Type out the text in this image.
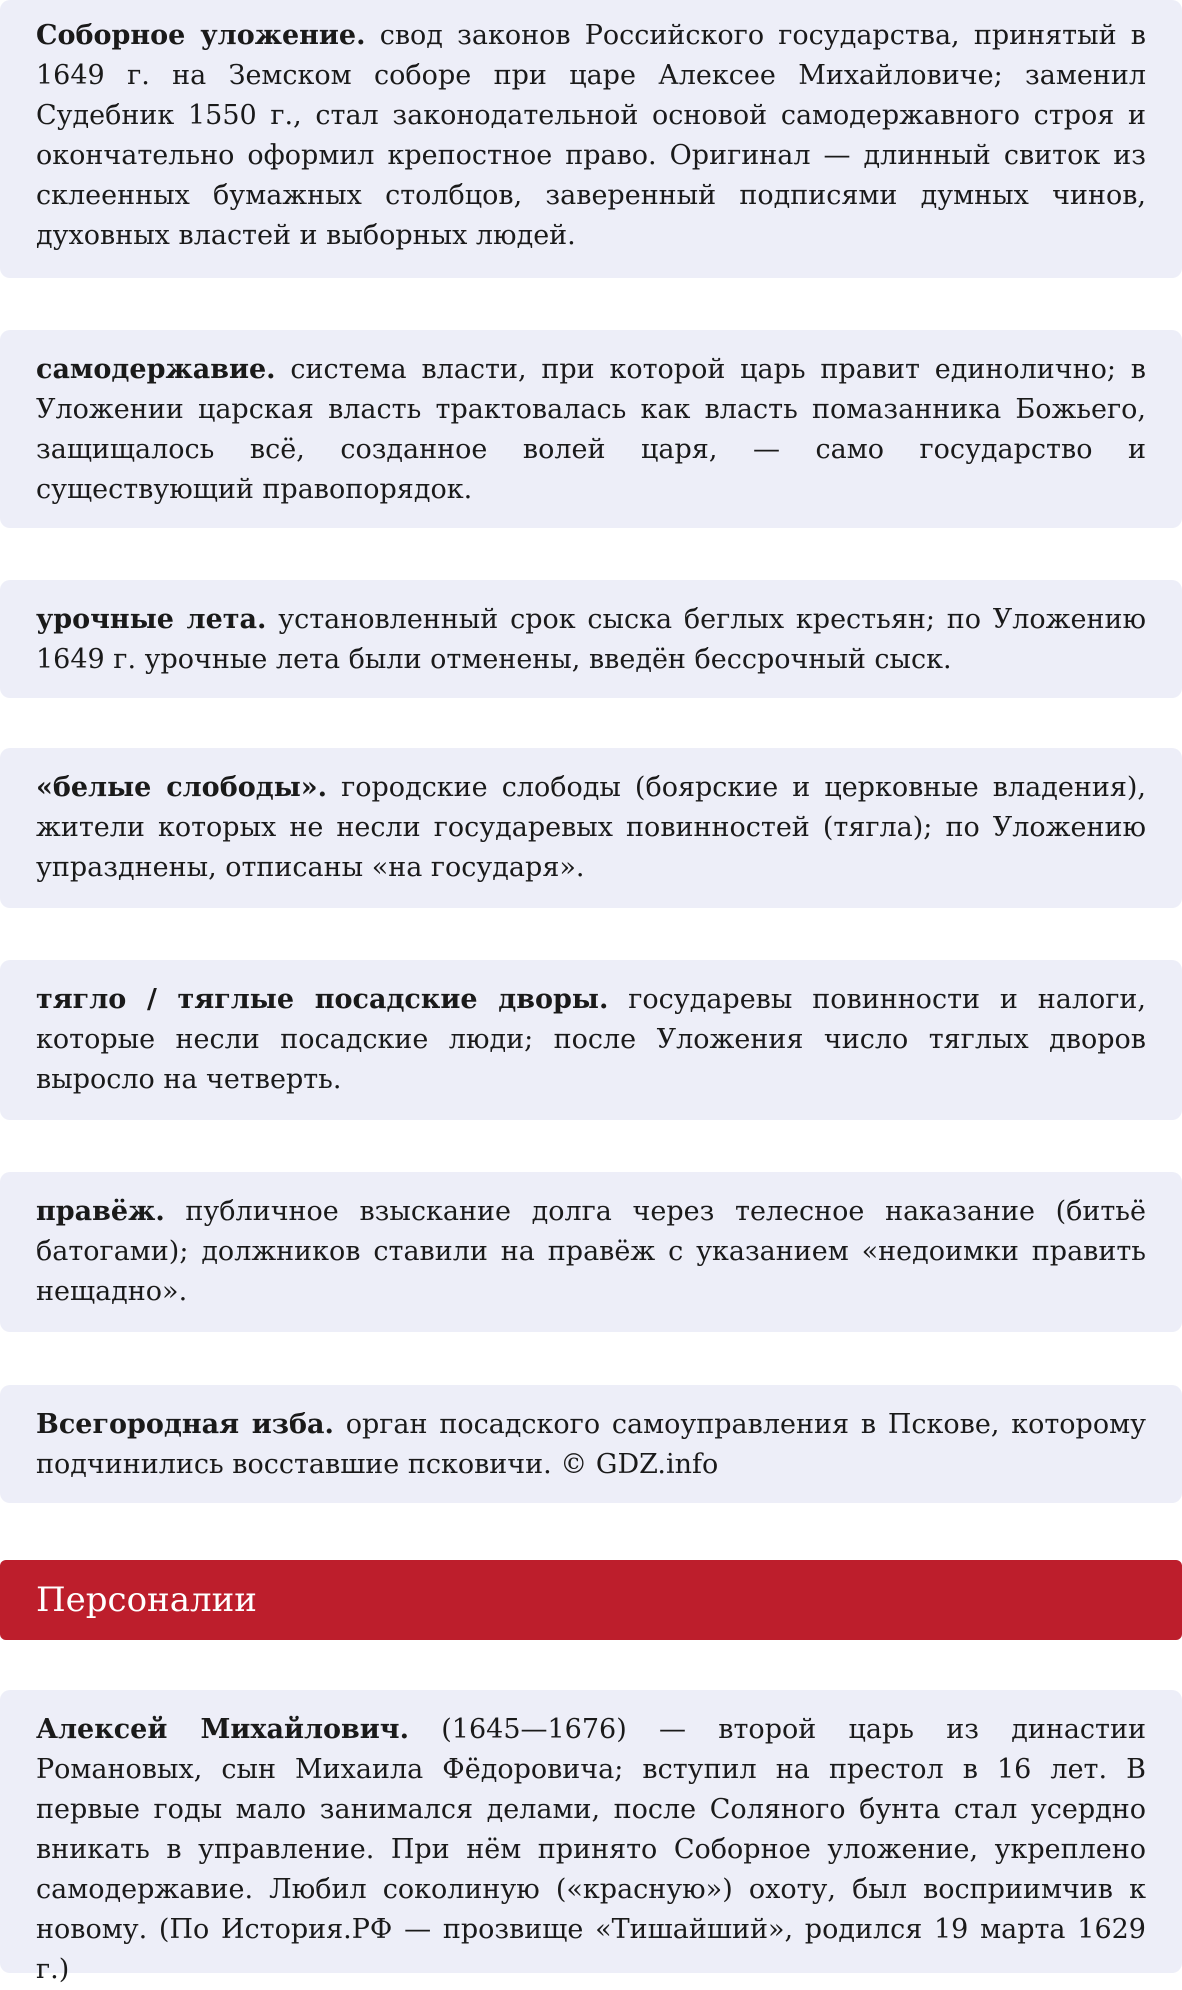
Соборное уложение. свод законов Российского государства, принятый в 1649 г. на Земском соборе при царе Алексее Михайловиче; заменил Судебник 1550 г., стал законодательной основой самодержавного строя и окончательно оформил крепостное право. Оригинал — длинный свиток из склеенных бумажных столбцов, заверенный подписями думных чинов, духовных властей и выборных людей.

самодержавие. система власти, при которой царь правит единолично; в Уложении царская власть трактовалась как власть помазанника Божьего, защищалось всё, созданное волей царя, — само государство и существующий правопорядок.

урочные лета. установленный срок сыска беглых крестьян; по Уложению 1649 г. урочные лета были отменены, введён бессрочный сыск.

«белые слободы». городские слободы (боярские и церковные владения), жители которых не несли государевых повинностей (тягла); по Уложению упразднены, отписаны «на государя».

тягло / тяглые посадские дворы. государевы повинности и налоги, которые несли посадские люди; после Уложения число тяглых дворов выросло на четверть.

правёж. публичное взыскание долга через телесное наказание (битьё батогами); должников ставили на правёж с указанием «недоимки править нещадно».

Всегородная изба. орган посадского самоуправления в Пскове, которому подчинились восставшие псковичи. © GDZ.info

Персоналии

Алексей Михайлович. (1645—1676) — второй царь из династии Романовых, сын Михаила Фёдоровича; вступил на престол в 16 лет. В первые годы мало занимался делами, после Соляного бунта стал усердно вникать в управление. При нём принято Соборное уложение, укреплено самодержавие. Любил соколиную («красную») охоту, был восприимчив к новому. (По История.РФ — прозвище «Тишайший», родился 19 марта 1629 г.)
